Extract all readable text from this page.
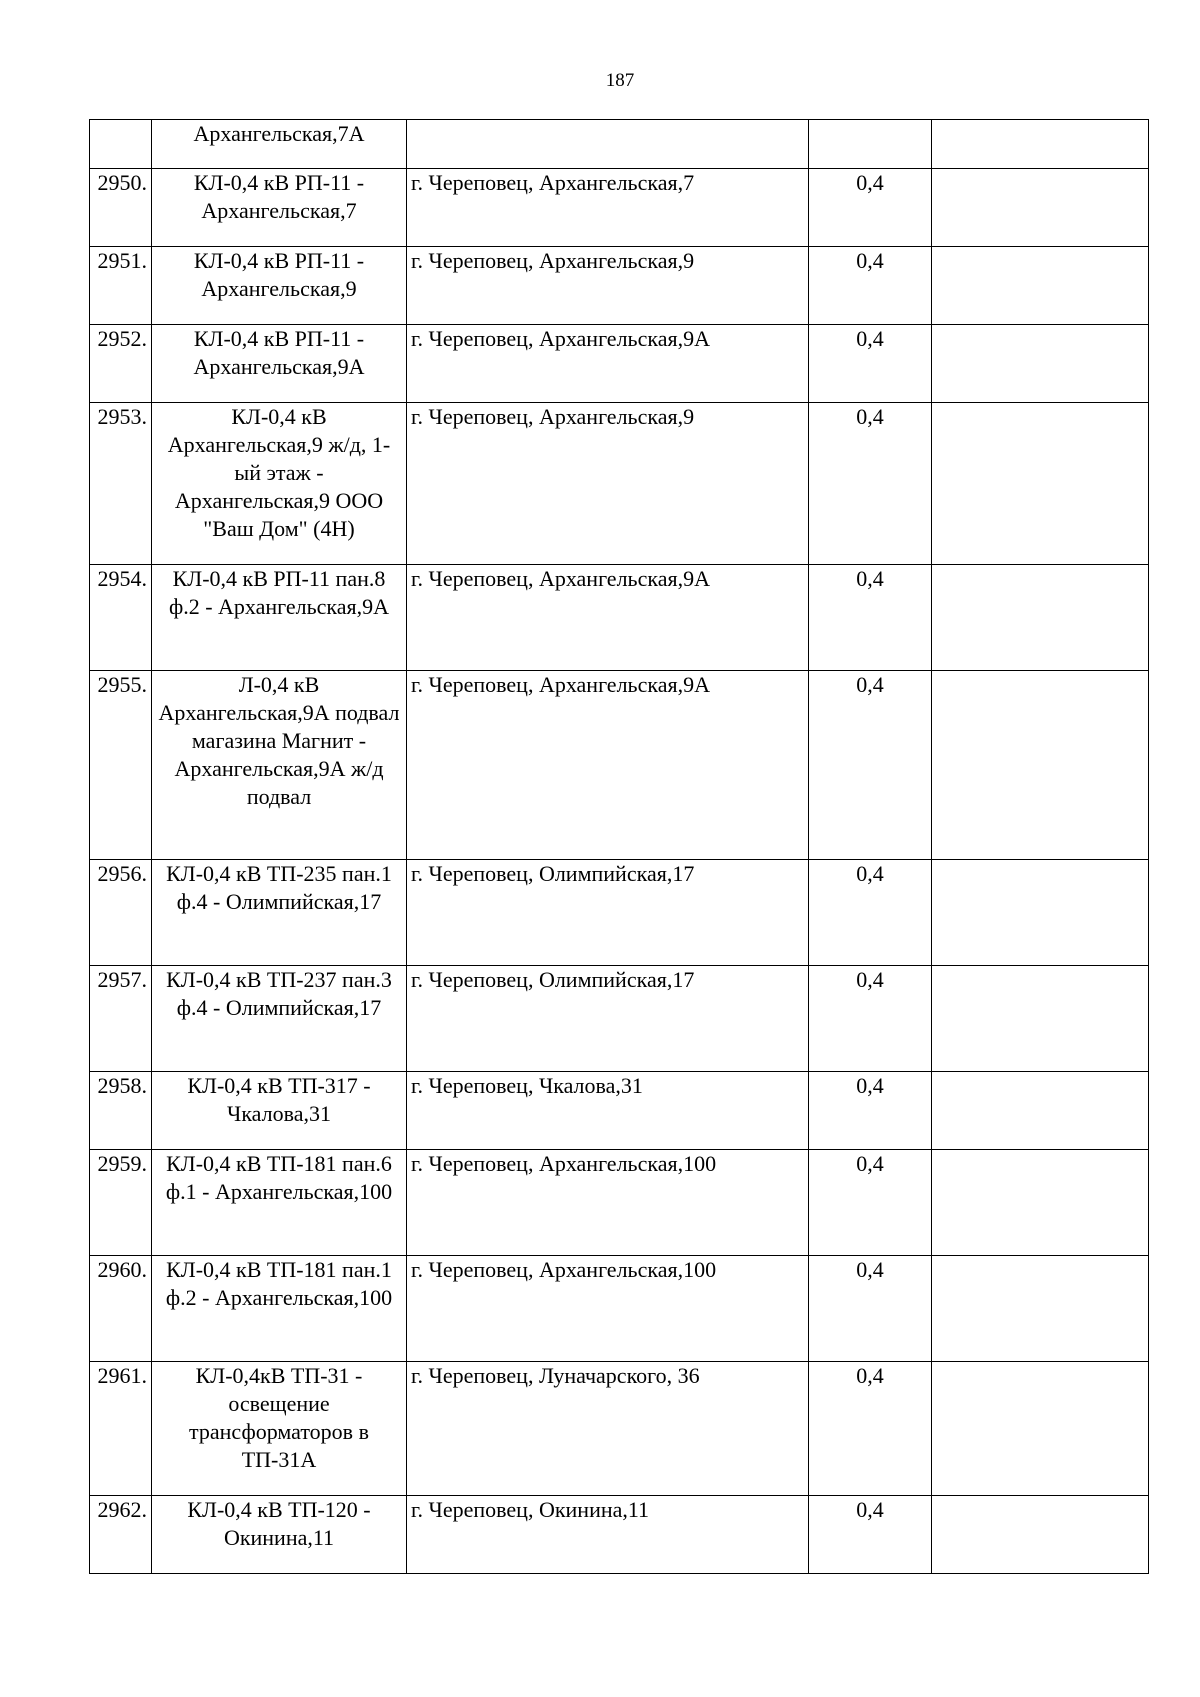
187
	Архангельская,7А			
2950.	КЛ-0,4 кВ РП-11 - Архангельская,7	г. Череповец, Архангельская,7	0,4	
2951.	КЛ-0,4 кВ РП-11 - Архангельская,9	г. Череповец, Архангельская,9	0,4	
2952.	КЛ-0,4 кВ РП-11 - Архангельская,9А	г. Череповец, Архангельская,9А	0,4	
2953.	КЛ-0,4 кВ Архангельская,9 ж/д, 1-ый этаж - Архангельская,9 ООО "Ваш Дом" (4Н)	г. Череповец, Архангельская,9	0,4	
2954.	КЛ-0,4 кВ РП-11 пан.8 ф.2 - Архангельская,9А	г. Череповец, Архангельская,9А	0,4	
2955.	Л-0,4 кВ Архангельская,9А подвал магазина Магнит - Архангельская,9А ж/д подвал	г. Череповец, Архангельская,9А	0,4	
2956.	КЛ-0,4 кВ ТП-235 пан.1 ф.4 - Олимпийская,17	г. Череповец, Олимпийская,17	0,4	
2957.	КЛ-0,4 кВ ТП-237 пан.3 ф.4 - Олимпийская,17	г. Череповец, Олимпийская,17	0,4	
2958.	КЛ-0,4 кВ ТП-317 - Чкалова,31	г. Череповец, Чкалова,31	0,4	
2959.	КЛ-0,4 кВ ТП-181 пан.6 ф.1 - Архангельская,100	г. Череповец, Архангельская,100	0,4	
2960.	КЛ-0,4 кВ ТП-181 пан.1 ф.2 - Архангельская,100	г. Череповец, Архангельская,100	0,4	
2961.	КЛ-0,4кВ ТП-31 - освещение трансформаторов в ТП-31А	г. Череповец, Луначарского, 36	0,4	
2962.	КЛ-0,4 кВ ТП-120 - Окинина,11	г. Череповец, Окинина,11	0,4	
